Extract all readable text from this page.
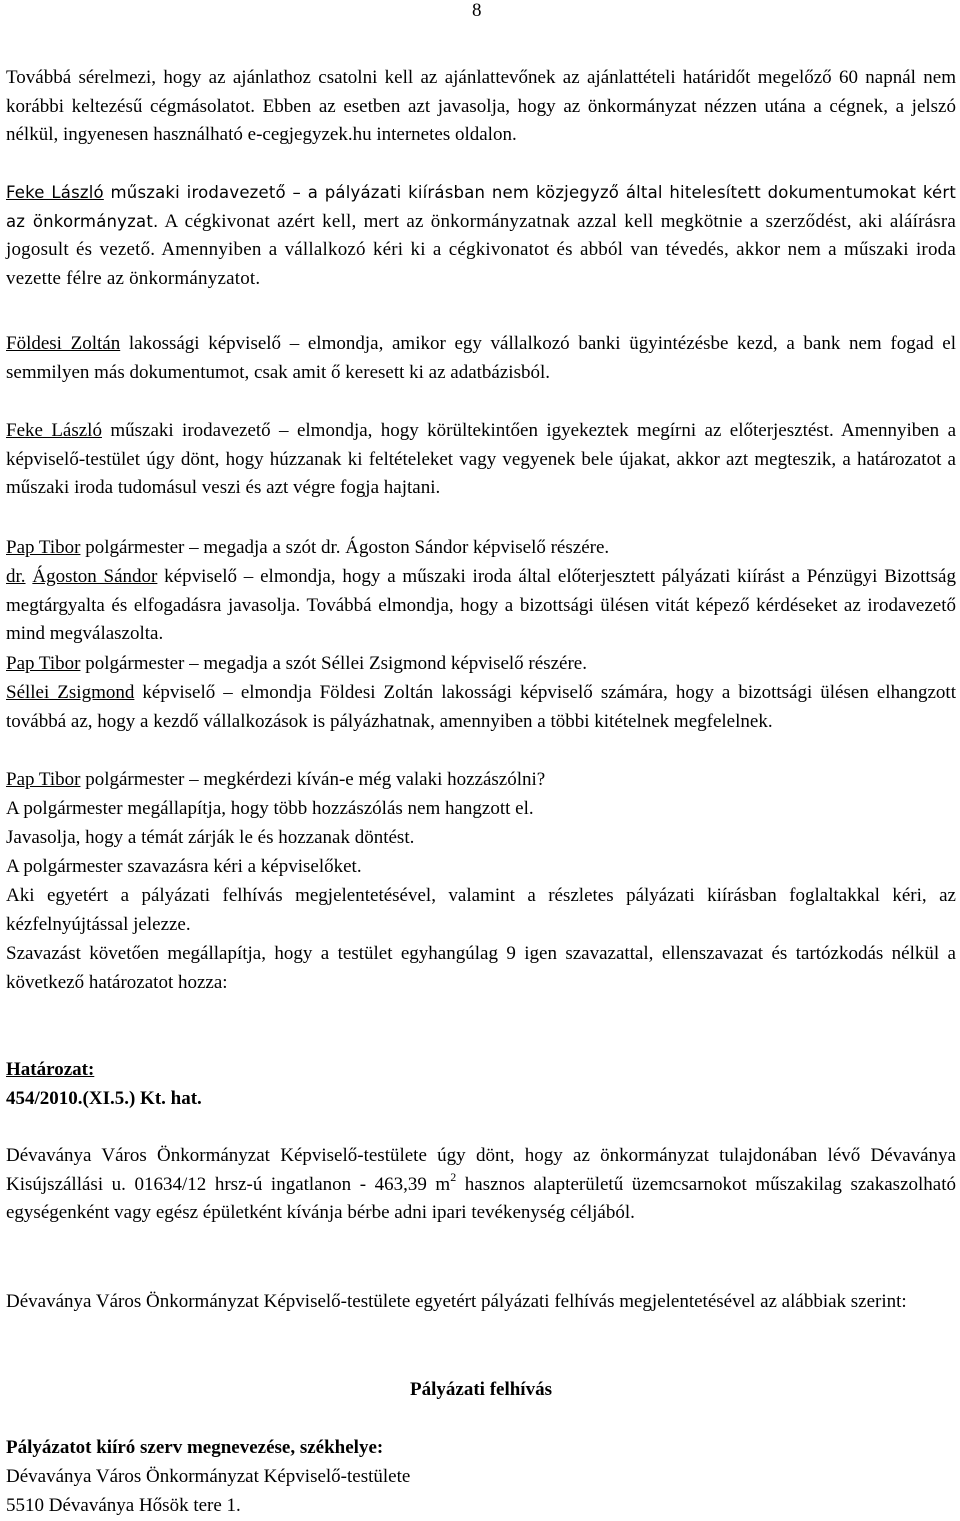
8

Továbbá sérelmezi, hogy az ajánlathoz csatolni kell az ajánlattevőnek az ajánlattételi határidőt megelőző 60 napnál nem korábbi keltezésű cégmásolatot. Ebben az esetben azt javasolja, hogy az önkormányzat nézzen utána a cégnek, a jelszó nélkül, ingyenesen használható e-cegjegyzek.hu internetes oldalon.

Feke László műszaki irodavezető – a pályázati kiírásban nem közjegyző által hitelesített dokumentumokat kért az önkormányzat. A cégkivonat azért kell, mert az önkormányzatnak azzal kell megkötnie a szerződést, aki aláírásra jogosult és vezető. Amennyiben a vállalkozó kéri ki a cégkivonatot és abból van tévedés, akkor nem a műszaki iroda vezette félre az önkormányzatot.

Földesi Zoltán lakossági képviselő – elmondja, amikor egy vállalkozó banki ügyintézésbe kezd, a bank nem fogad el semmilyen más dokumentumot, csak amit ő keresett ki az adatbázisból.

Feke László műszaki irodavezető – elmondja, hogy körültekintően igyekeztek megírni az előterjesztést. Amennyiben a képviselő-testület úgy dönt, hogy húzzanak ki feltételeket vagy vegyenek bele újakat, akkor azt megteszik, a határozatot a műszaki iroda tudomásul veszi és azt végre fogja hajtani.

Pap Tibor polgármester – megadja a szót dr. Ágoston Sándor képviselő részére.

dr. Ágoston Sándor képviselő – elmondja, hogy a műszaki iroda által előterjesztett pályázati kiírást a Pénzügyi Bizottság megtárgyalta és elfogadásra javasolja. Továbbá elmondja, hogy a bizottsági ülésen vitát képező kérdéseket az irodavezető mind megválaszolta.

Pap Tibor polgármester – megadja a szót Séllei Zsigmond képviselő részére.

Séllei Zsigmond képviselő – elmondja Földesi Zoltán lakossági képviselő számára, hogy a bizottsági ülésen elhangzott továbbá az, hogy a kezdő vállalkozások is pályázhatnak, amennyiben a többi kitételnek megfelelnek.

Pap Tibor polgármester – megkérdezi kíván-e még valaki hozzászólni?

A polgármester megállapítja, hogy több hozzászólás nem hangzott el.

Javasolja, hogy a témát zárják le és hozzanak döntést.

A polgármester szavazásra kéri a képviselőket.

Aki egyetért a pályázati felhívás megjelentetésével, valamint a részletes pályázati kiírásban foglaltakkal kéri, az kézfelnyújtással jelezze.

Szavazást követően megállapítja, hogy a testület egyhangúlag 9 igen szavazattal, ellenszavazat és tartózkodás nélkül a következő határozatot hozza:

Határozat:

454/2010.(XI.5.) Kt. hat.

Dévaványa Város Önkormányzat Képviselő-testülete úgy dönt, hogy az önkormányzat tulajdonában lévő Dévaványa Kisújszállási u. 01634/12 hrsz-ú ingatlanon - 463,39 $m^2$ hasznos alapterületű üzemcsarnokot műszakilag szakaszolható egységenként vagy egész épületként kívánja bérbe adni ipari tevékenység céljából.

Dévaványa Város Önkormányzat Képviselő-testülete egyetért pályázati felhívás megjelentetésével az alábbiak szerint:

Pályázati felhívás

Pályázatot kiíró szerv megnevezése, székhelye:

Dévaványa Város Önkormányzat Képviselő-testülete

5510 Dévaványa Hősök tere 1.
